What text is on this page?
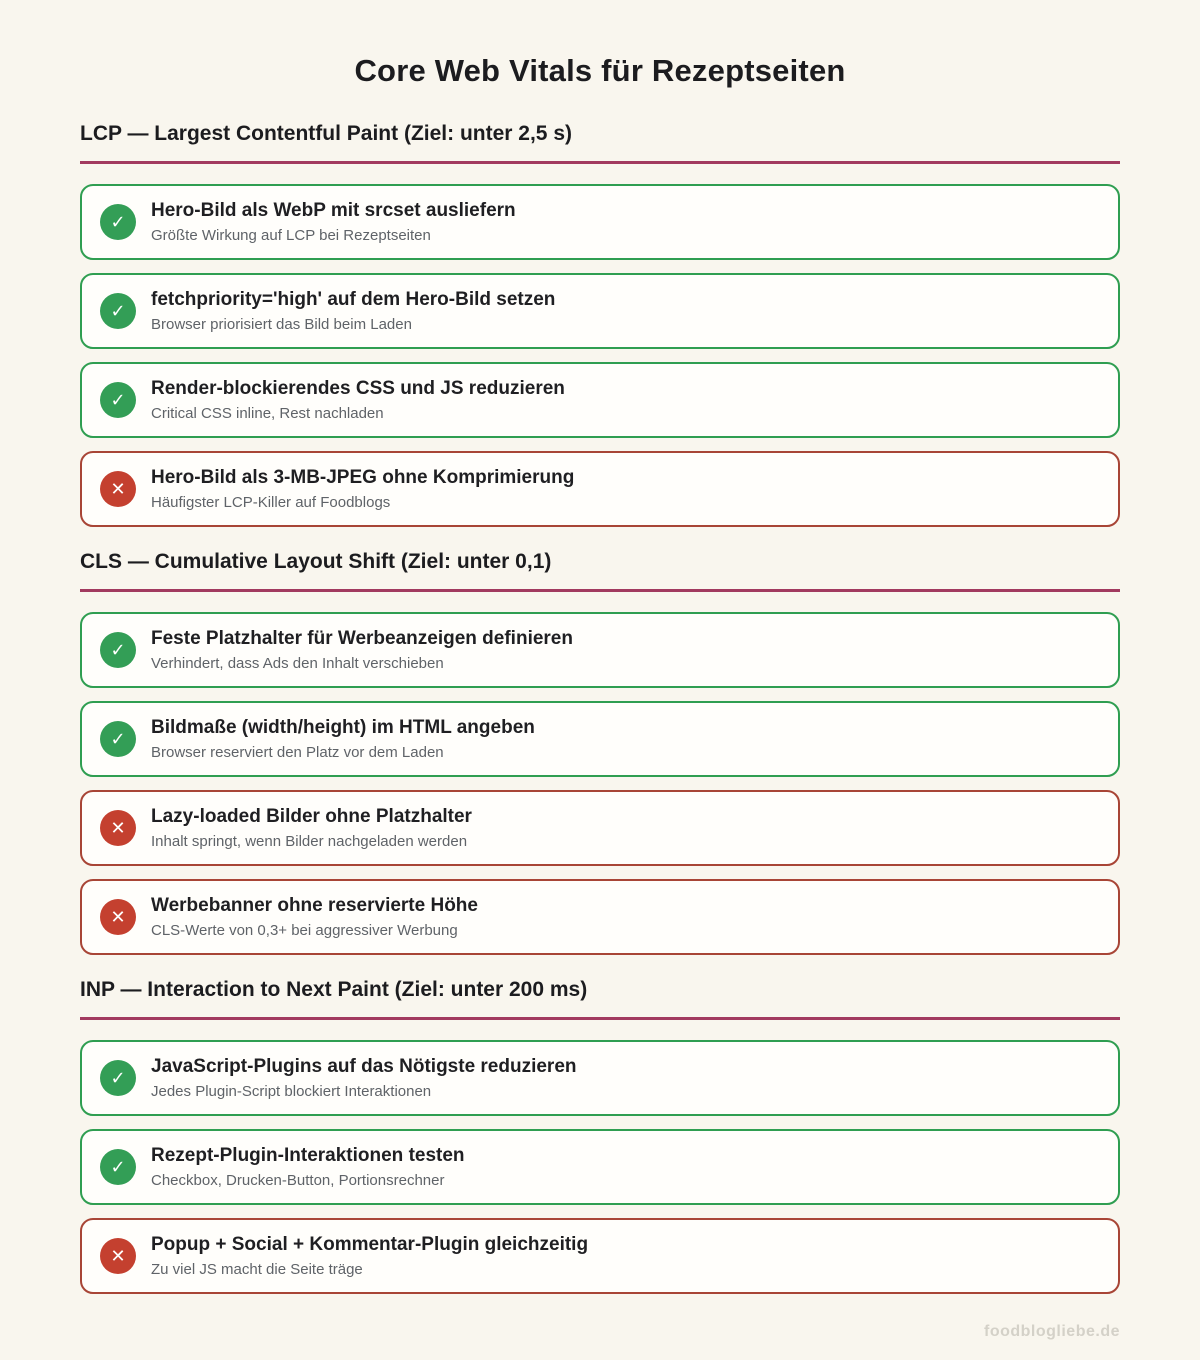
Core Web Vitals für Rezeptseiten
LCP — Largest Contentful Paint (Ziel: unter 2,5 s)
✓
Hero-Bild als WebP mit srcset ausliefern
Größte Wirkung auf LCP bei Rezeptseiten
✓
fetchpriority='high' auf dem Hero-Bild setzen
Browser priorisiert das Bild beim Laden
✓
Render-blockierendes CSS und JS reduzieren
Critical CSS inline, Rest nachladen
✕
Hero-Bild als 3-MB-JPEG ohne Komprimierung
Häufigster LCP-Killer auf Foodblogs
CLS — Cumulative Layout Shift (Ziel: unter 0,1)
✓
Feste Platzhalter für Werbeanzeigen definieren
Verhindert, dass Ads den Inhalt verschieben
✓
Bildmaße (width/height) im HTML angeben
Browser reserviert den Platz vor dem Laden
✕
Lazy-loaded Bilder ohne Platzhalter
Inhalt springt, wenn Bilder nachgeladen werden
✕
Werbebanner ohne reservierte Höhe
CLS-Werte von 0,3+ bei aggressiver Werbung
INP — Interaction to Next Paint (Ziel: unter 200 ms)
✓
JavaScript-Plugins auf das Nötigste reduzieren
Jedes Plugin-Script blockiert Interaktionen
✓
Rezept-Plugin-Interaktionen testen
Checkbox, Drucken-Button, Portionsrechner
✕
Popup + Social + Kommentar-Plugin gleichzeitig
Zu viel JS macht die Seite träge
foodblogliebe.de
